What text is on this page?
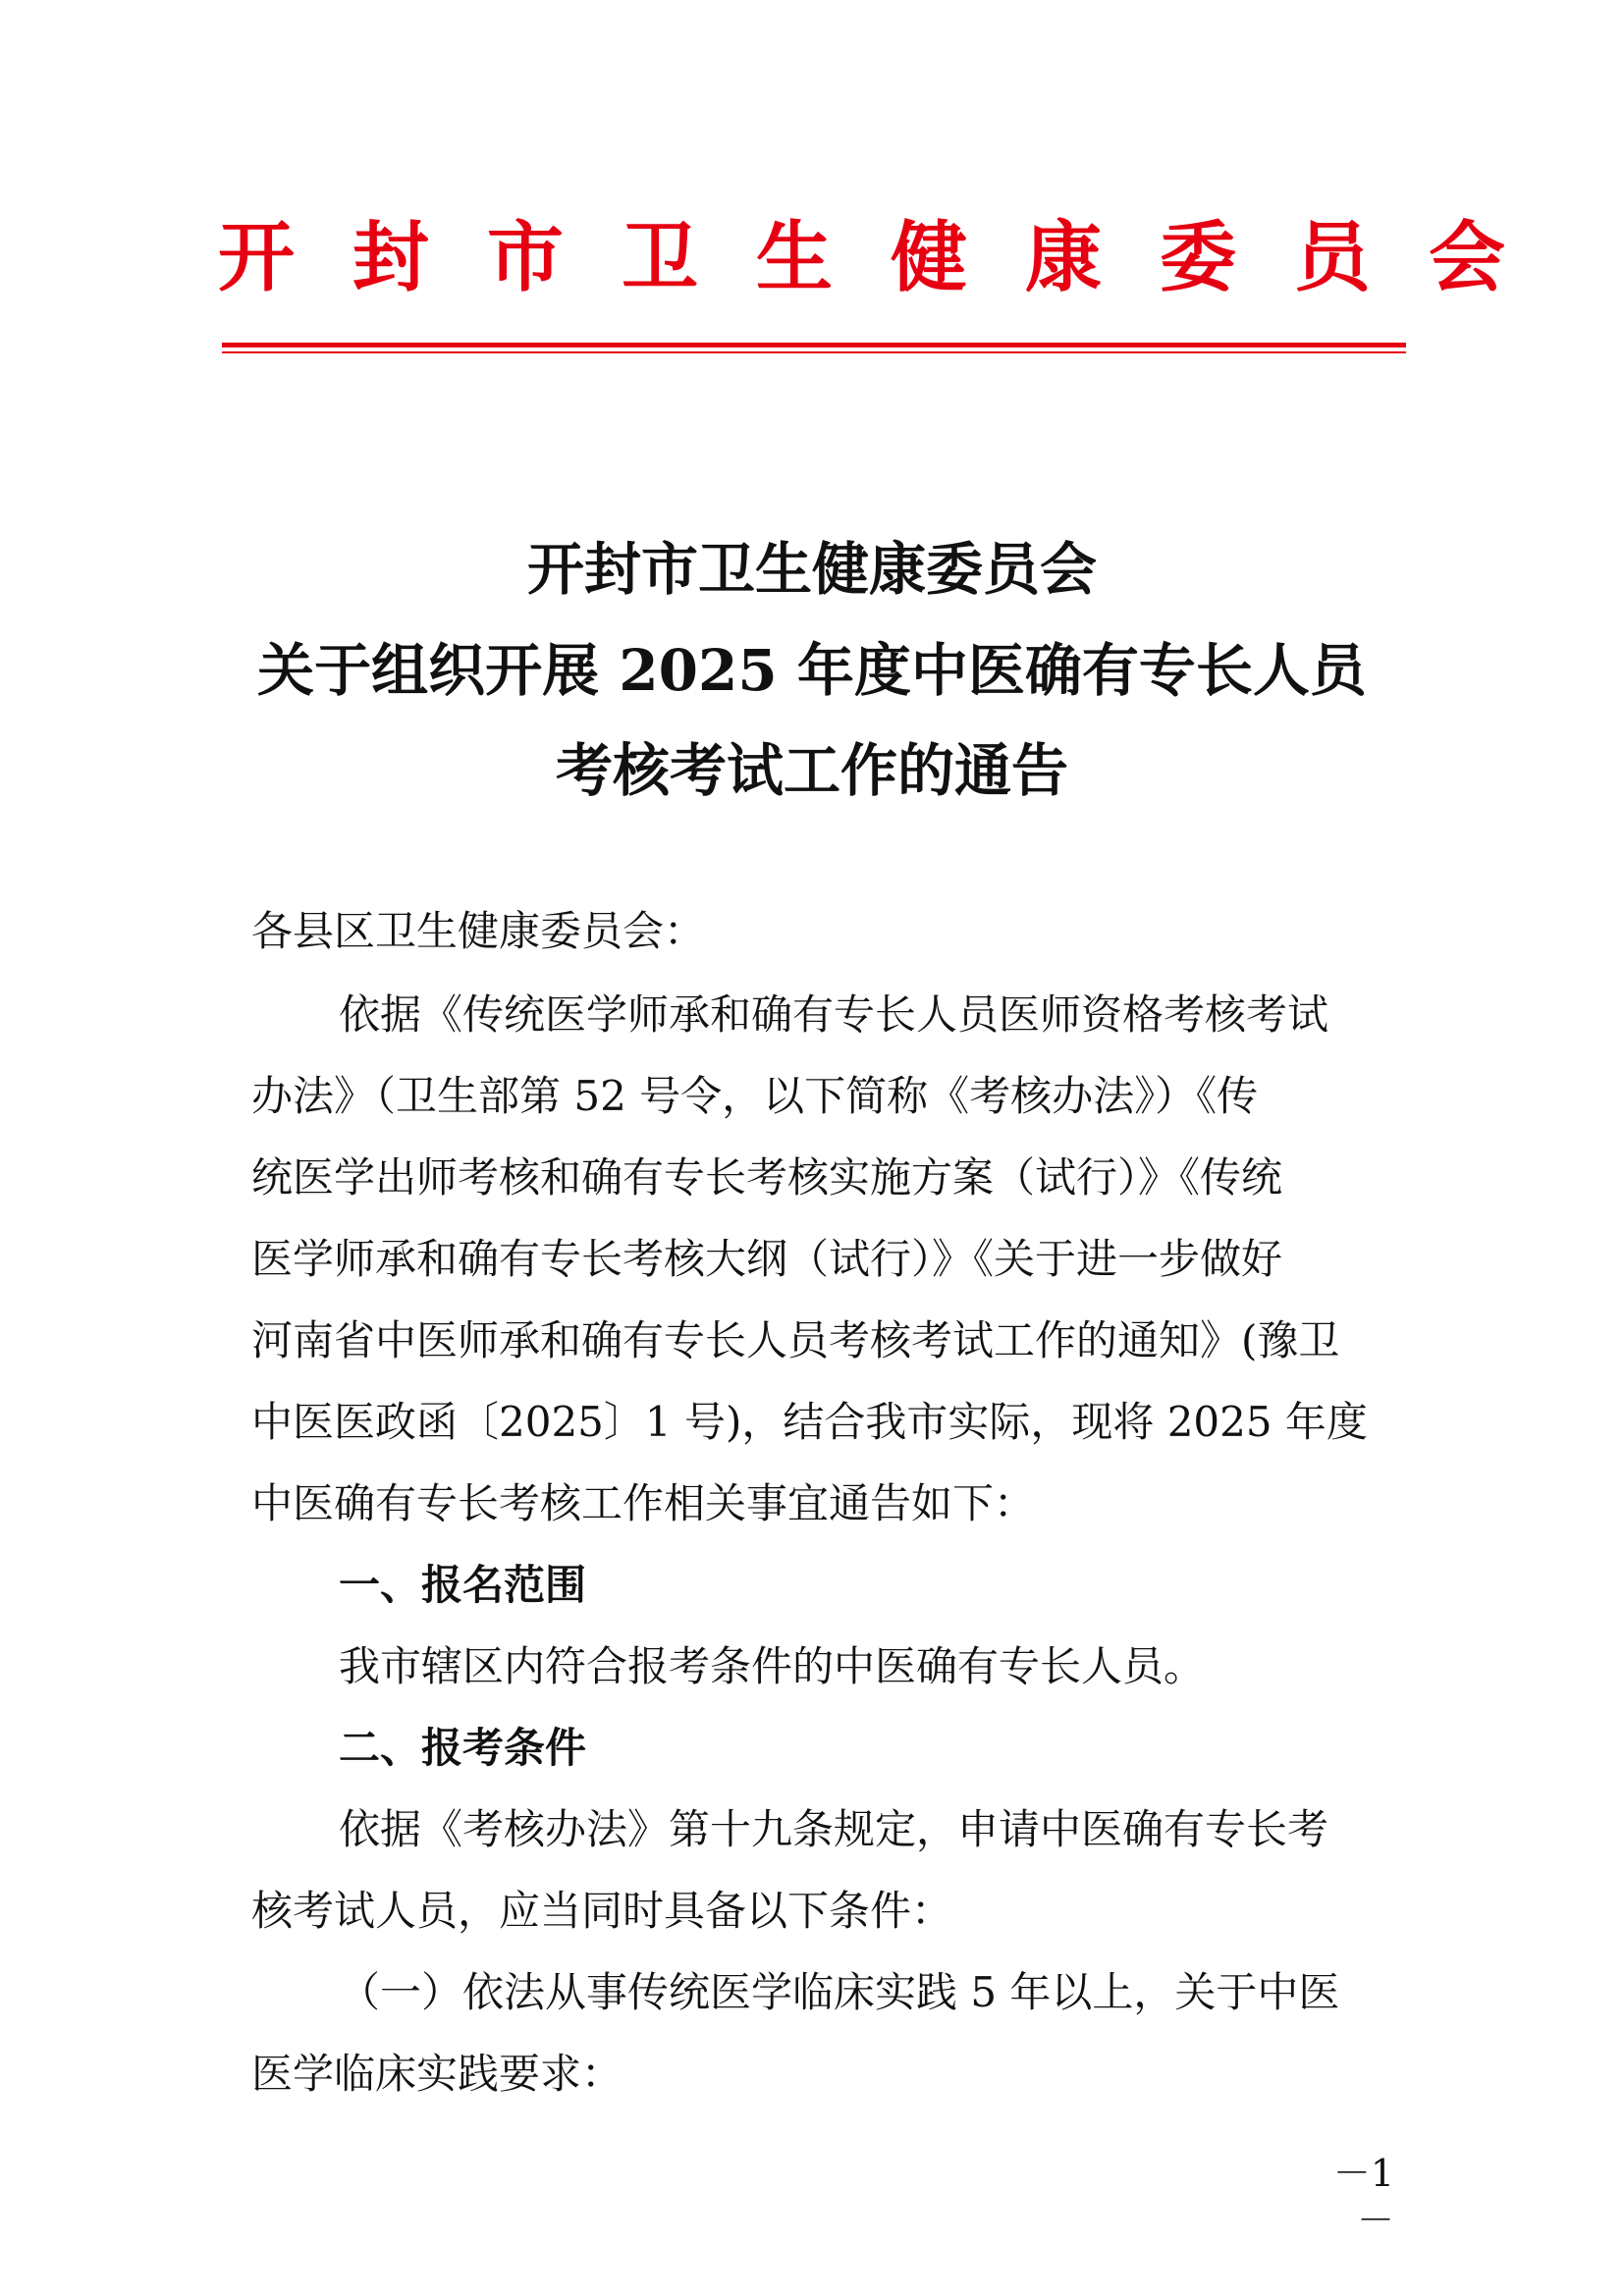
开封市卫生健康委员会
开封市卫生健康委员会
关于组织开展 2025 年度中医确有专长人员
考核考试工作的通告
各县区卫生健康委员会：
依据《传统医学师承和确有专长人员医师资格考核考试
办法》（卫生部第 52 号令，以下简称《考核办法》）《传
统医学出师考核和确有专长考核实施方案（试行）》《传统
医学师承和确有专长考核大纲（试行）》《关于进一步做好
河南省中医师承和确有专长人员考核考试工作的通知》(豫卫
中医医政函〔2025〕1 号)，结合我市实际，现将 2025 年度
中医确有专长考核工作相关事宜通告如下：
一、报名范围
我市辖区内符合报考条件的中医确有专长人员。
二、报考条件
依据《考核办法》第十九条规定，申请中医确有专长考
核考试人员，应当同时具备以下条件：
（一）依法从事传统医学临床实践 5 年以上，关于中医
医学临床实践要求：
－1－
